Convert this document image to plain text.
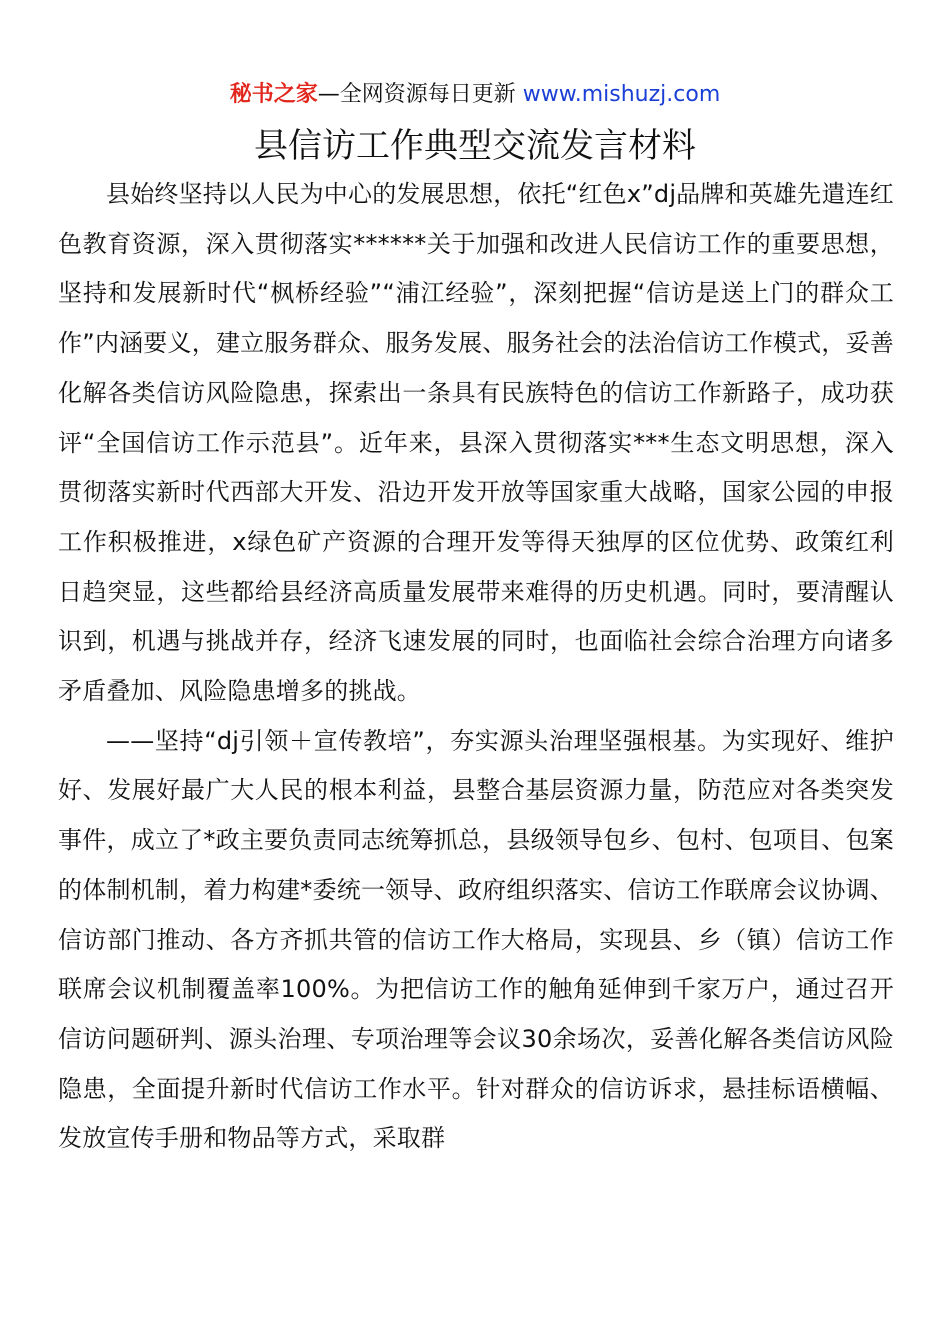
秘书之家—全网资源每日更新 www.mishuzj.com
县信访工作典型交流发言材料

县始终坚持以人民为中心的发展思想，依托“红色x”dj品牌和英雄先遣连红色教育资源，深入贯彻落实******关于加强和改进人民信访工作的重要思想，坚持和发展新时代“枫桥经验”“浦江经验”，深刻把握“信访是送上门的群众工作”内涵要义，建立服务群众、服务发展、服务社会的法治信访工作模式，妥善化解各类信访风险隐患，探索出一条具有民族特色的信访工作新路子，成功获评“全国信访工作示范县”。近年来，县深入贯彻落实***生态文明思想，深入贯彻落实新时代西部大开发、沿边开发开放等国家重大战略，国家公园的申报工作积极推进，x绿色矿产资源的合理开发等得天独厚的区位优势、政策红利日趋突显，这些都给县经济高质量发展带来难得的历史机遇。同时，要清醒认识到，机遇与挑战并存，经济飞速发展的同时，也面临社会综合治理方向诸多矛盾叠加、风险隐患增多的挑战。

——坚持“dj引领＋宣传教培”，夯实源头治理坚强根基。为实现好、维护好、发展好最广大人民的根本利益，县整合基层资源力量，防范应对各类突发事件，成立了*政主要负责同志统筹抓总，县级领导包乡、包村、包项目、包案的体制机制，着力构建*委统一领导、政府组织落实、信访工作联席会议协调、信访部门推动、各方齐抓共管的信访工作大格局，实现县、乡（镇）信访工作联席会议机制覆盖率100%。为把信访工作的触角延伸到千家万户，通过召开信访问题研判、源头治理、专项治理等会议30余场次，妥善化解各类信访风险隐患，全面提升新时代信访工作水平。针对群众的信访诉求，悬挂标语横幅、发放宣传手册和物品等方式，采取群
